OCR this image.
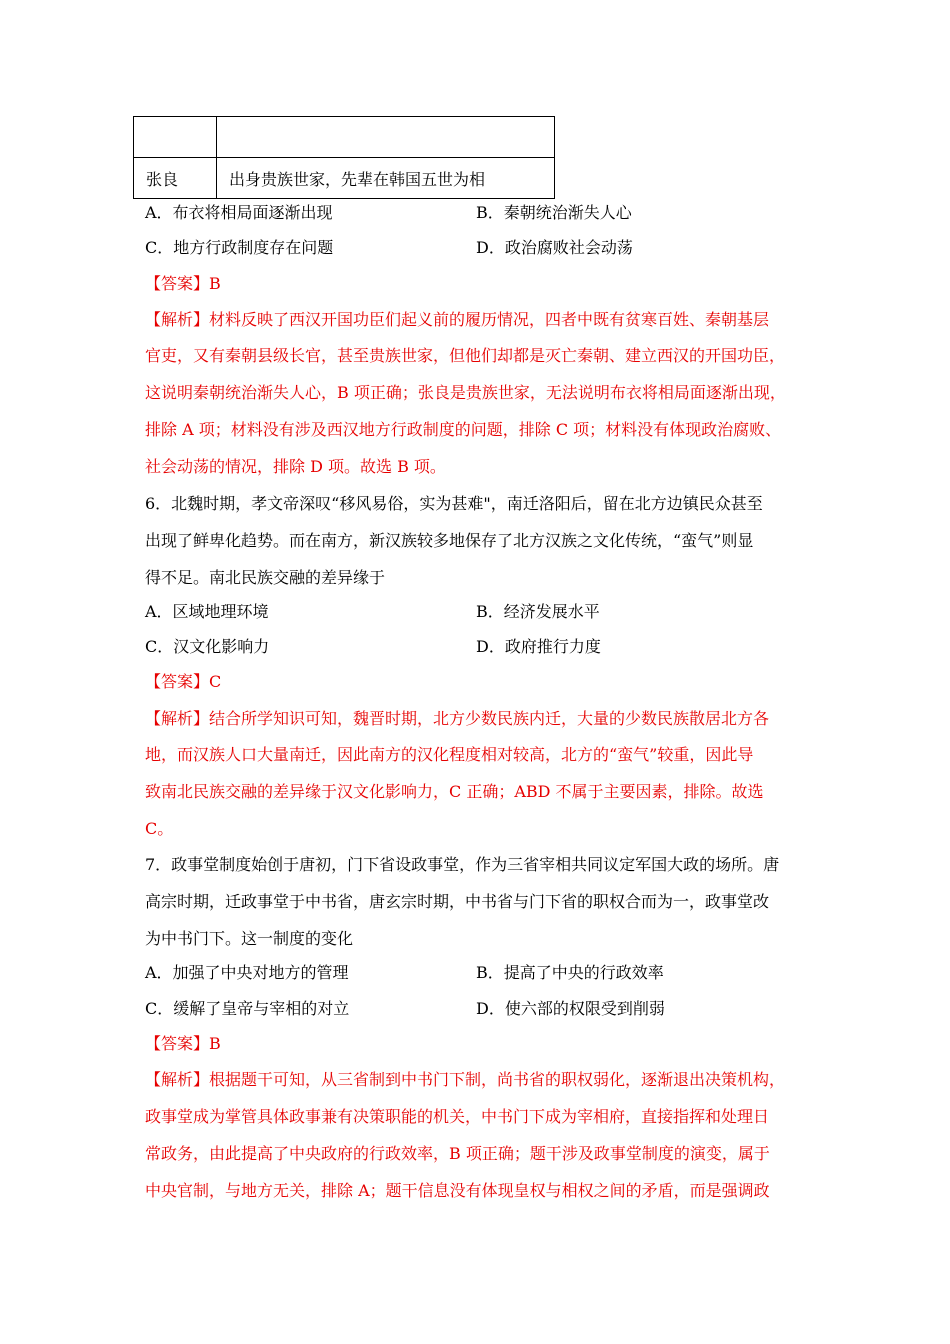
张良	出身贵族世家，先辈在韩国五世为相
A．布衣将相局面逐渐出现	B．秦朝统治渐失人心
C．地方行政制度存在问题	D．政治腐败社会动荡
【答案】B
【解析】材料反映了西汉开国功臣们起义前的履历情况，四者中既有贫寒百姓、秦朝基层
官吏，又有秦朝县级长官，甚至贵族世家，但他们却都是灭亡秦朝、建立西汉的开国功臣，
这说明秦朝统治渐失人心，B 项正确；张良是贵族世家，无法说明布衣将相局面逐渐出现，
排除 A 项；材料没有涉及西汉地方行政制度的问题，排除 C 项；材料没有体现政治腐败、
社会动荡的情况，排除 D 项。故选 B 项。
6．北魏时期，孝文帝深叹“移风易俗，实为甚难"，南迁洛阳后，留在北方边镇民众甚至
出现了鲜卑化趋势。而在南方，新汉族较多地保存了北方汉族之文化传统，“蛮气”则显
得不足。南北民族交融的差异缘于
A．区域地理环境	B．经济发展水平
C．汉文化影响力	D．政府推行力度
【答案】C
【解析】结合所学知识可知，魏晋时期，北方少数民族内迁，大量的少数民族散居北方各
地，而汉族人口大量南迁，因此南方的汉化程度相对较高，北方的“蛮气”较重，因此导
致南北民族交融的差异缘于汉文化影响力，C 正确；ABD 不属于主要因素，排除。故选
C。
7．政事堂制度始创于唐初，门下省设政事堂，作为三省宰相共同议定军国大政的场所。唐
高宗时期，迁政事堂于中书省，唐玄宗时期，中书省与门下省的职权合而为一，政事堂改
为中书门下。这一制度的变化
A．加强了中央对地方的管理	B．提高了中央的行政效率
C．缓解了皇帝与宰相的对立	D．使六部的权限受到削弱
【答案】B
【解析】根据题干可知，从三省制到中书门下制，尚书省的职权弱化，逐渐退出决策机构，
政事堂成为掌管具体政事兼有决策职能的机关，中书门下成为宰相府，直接指挥和处理日
常政务，由此提高了中央政府的行政效率，B 项正确；题干涉及政事堂制度的演变，属于
中央官制，与地方无关，排除 A；题干信息没有体现皇权与相权之间的矛盾，而是强调政
